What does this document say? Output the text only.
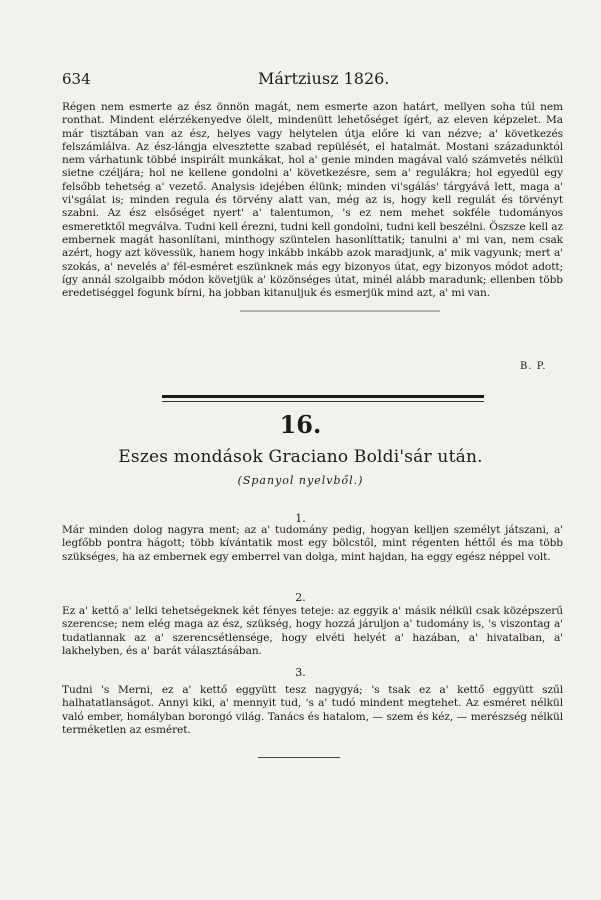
634	Mártziusz 1826.
Régen nem esmerte az ész önnön magát, nem esmerte azon határt, mellyen soha túl nem ronthat. Mindent elérzékenyedve ölelt, mindenütt lehetőséget ígért, az eleven képzelet. Ma már tisztában van az ész, helyes vagy helytelen útja előre ki van nézve; a' következés felszámlálva. Az ész-lángja elvesztette szabad repülését, el hatalmát. Mostani századunktól nem várhatunk többé inspirált munkákat, hol a' genie minden magával való számvetés nélkül sietne czéljára; hol ne kellene gondolni a' következésre, sem a' regulákra; hol egyedül egy felsőbb tehetség a' vezető. Analysis idejében élünk; minden vi'sgálás' tárgyává lett, maga a' vi'sgálat is; minden regula és törvény alatt van, még az is, hogy kell regulát és törvényt szabni. Az ész elsőséget nyert' a' talentumon, 's ez nem mehet sokféle tudományos esmeretktől megválva. Tudni kell érezni, tudni kell gondolni, tudni kell beszélni. Öszsze kell az embernek magát hasonlítani, minthogy szüntelen hasonlíttatik; tanulni a' mi van, nem csak azért, hogy azt kövessük, hanem hogy inkább inkább azok maradjunk, a' mik vagyunk; mert a' szokás, a' nevelés a' fél-esméret eszünknek más egy bizonyos útat, egy bizonyos módot adott; így annál szolgaibb módon követjük a' közönséges útat, minél alább maradunk; ellenben több eredetiséggel fogunk bírni, ha jobban kitanuljuk és esmerjük mind azt, a' mi van.
B. P.
16.
Eszes mondások Graciano Boldi'sár után.
(Spanyol nyelvből.)
1.
Már minden dolog nagyra ment; az a' tudomány pedig, hogyan kelljen személyt játszani, a' legfőbb pontra hágott; több kívántatik most egy bölcstől, mint régenten héttől és ma több szükséges, ha az embernek egy emberrel van dolga, mint hajdan, ha eggy egész néppel volt.
2.
Ez a' kettő a' lelki tehetségeknek két fényes teteje: az eggyik a' másik nélkül csak középszerű szerencse; nem elég maga az ész, szükség, hogy hozzá járuljon a' tudomány is, 's viszontag a' tudatlannak az a' szerencsétlensége, hogy elvéti helyét a' hazában, a' hivatalban, a' lakhelyben, és a' barát választásában.
3.
Tudni 's Merni, ez a' kettő eggyütt tesz nagygyá; 's tsak ez a' kettő eggyütt szűl halhatatlanságot. Annyi kiki, a' mennyit tud, 's a' tudó mindent megtehet. Az esméret nélkül való ember, homályban borongó világ. Tanács és hatalom, — szem és kéz, — merészség nélkül terméketlen az esméret.
